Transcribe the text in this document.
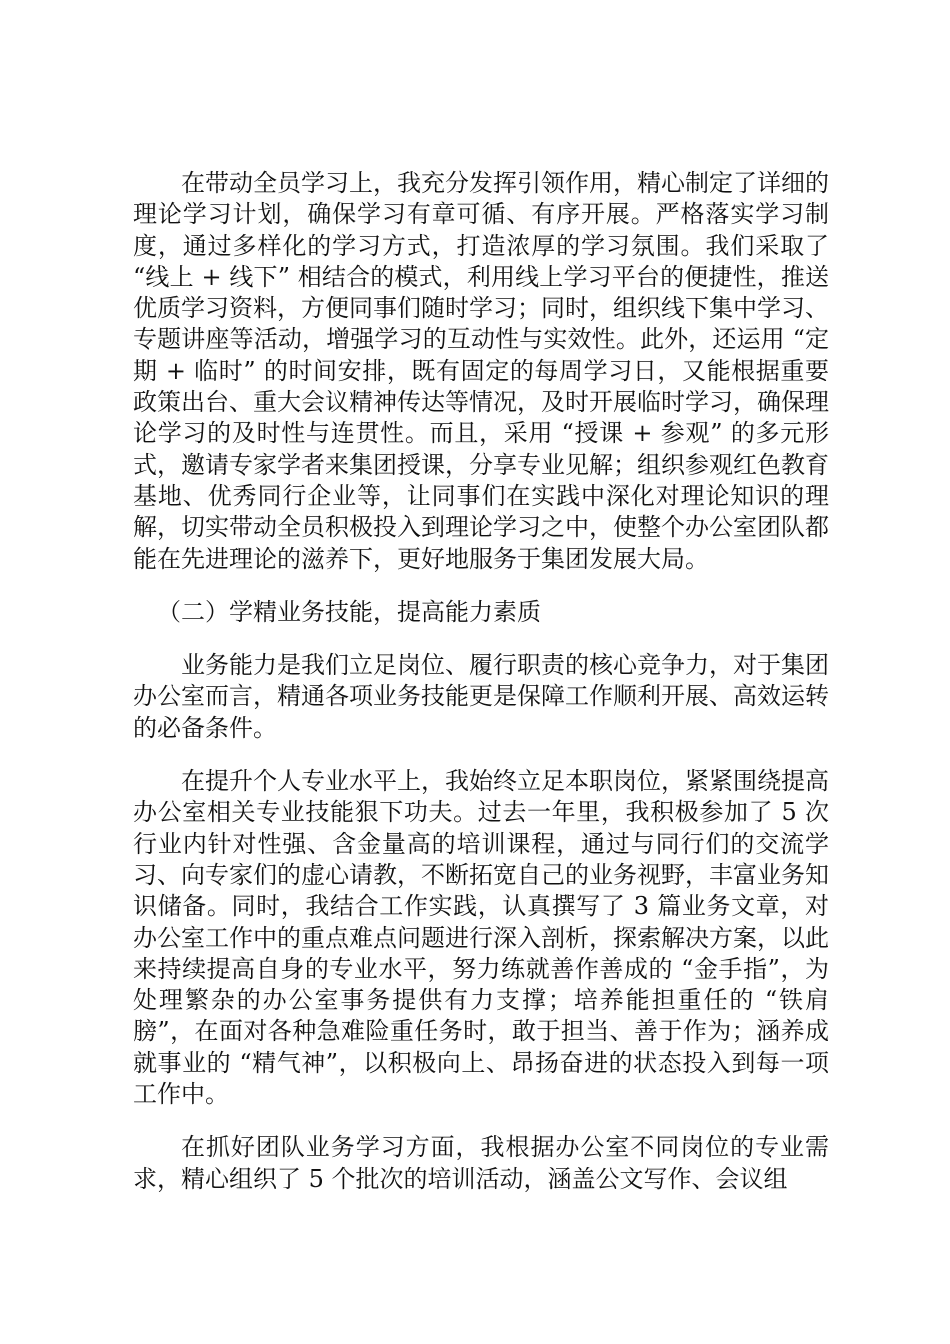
在带动全员学习上，我充分发挥引领作用，精心制定了详细的理论学习计划，确保学习有章可循、有序开展。严格落实学习制度，通过多样化的学习方式，打造浓厚的学习氛围。我们采取了 “线上 + 线下” 相结合的模式，利用线上学习平台的便捷性，推送优质学习资料，方便同事们随时学习；同时，组织线下集中学习、专题讲座等活动，增强学习的互动性与实效性。此外，还运用 “定期 + 临时” 的时间安排，既有固定的每周学习日，又能根据重要政策出台、重大会议精神传达等情况，及时开展临时学习，确保理论学习的及时性与连贯性。而且，采用 “授课 + 参观” 的多元形式，邀请专家学者来集团授课，分享专业见解；组织参观红色教育基地、优秀同行企业等，让同事们在实践中深化对理论知识的理解，切实带动全员积极投入到理论学习之中，使整个办公室团队都能在先进理论的滋养下，更好地服务于集团发展大局。

（二）学精业务技能，提高能力素质

业务能力是我们立足岗位、履行职责的核心竞争力，对于集团办公室而言，精通各项业务技能更是保障工作顺利开展、高效运转的必备条件。

在提升个人专业水平上，我始终立足本职岗位，紧紧围绕提高办公室相关专业技能狠下功夫。过去一年里，我积极参加了 5 次行业内针对性强、含金量高的培训课程，通过与同行们的交流学习、向专家们的虚心请教，不断拓宽自己的业务视野，丰富业务知识储备。同时，我结合工作实践，认真撰写了 3 篇业务文章，对办公室工作中的重点难点问题进行深入剖析，探索解决方案，以此来持续提高自身的专业水平，努力练就善作善成的 “金手指”，为处理繁杂的办公室事务提供有力支撑；培养能担重任的 “铁肩膀”，在面对各种急难险重任务时，敢于担当、善于作为；涵养成就事业的 “精气神”，以积极向上、昂扬奋进的状态投入到每一项工作中。

在抓好团队业务学习方面，我根据办公室不同岗位的专业需求，精心组织了 5 个批次的培训活动，涵盖公文写作、会议组
